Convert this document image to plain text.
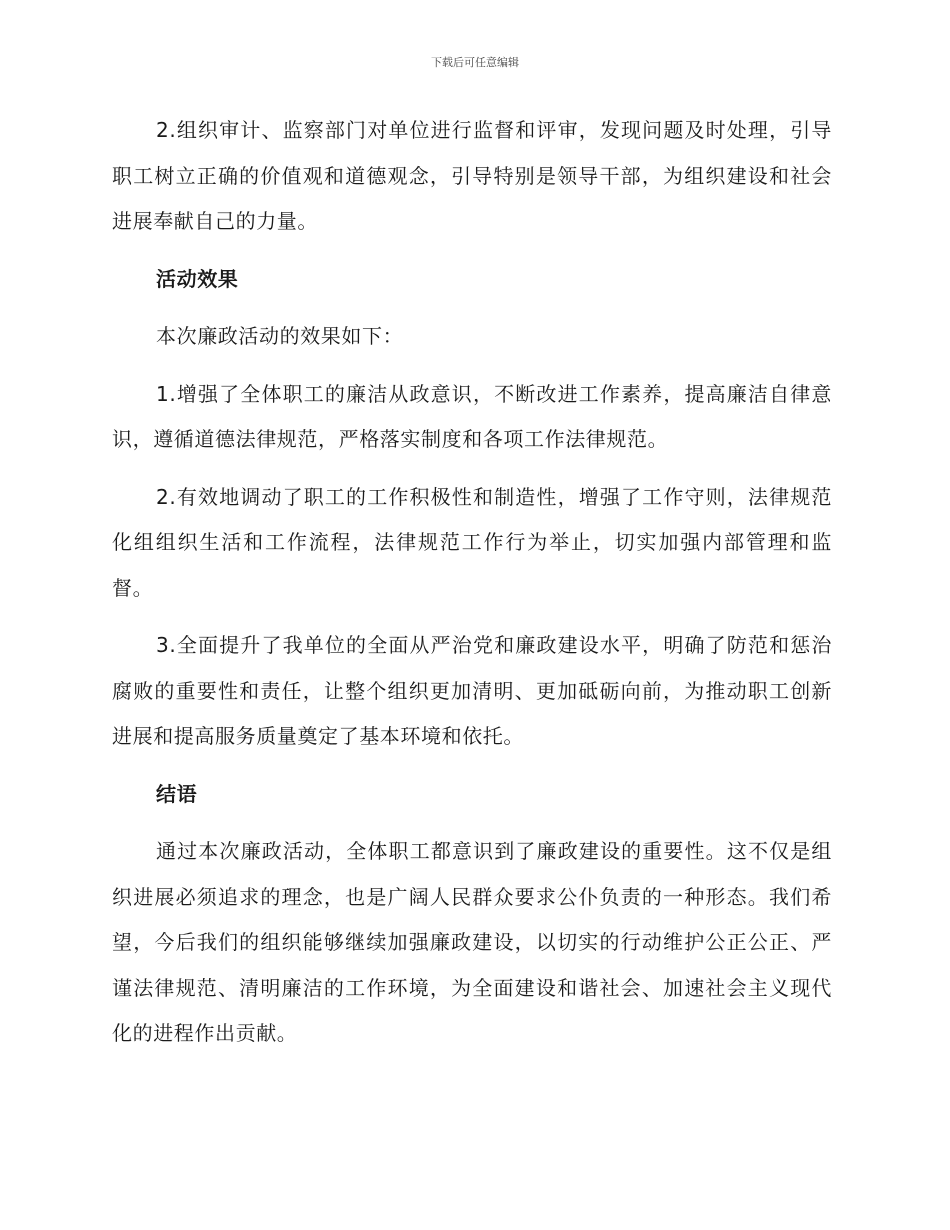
下载后可任意编辑

2.组织审计、监察部门对单位进行监督和评审，发现问题及时处理，引导职工树立正确的价值观和道德观念，引导特别是领导干部，为组织建设和社会进展奉献自己的力量。

活动效果

本次廉政活动的效果如下：

1.增强了全体职工的廉洁从政意识，不断改进工作素养，提高廉洁自律意识，遵循道德法律规范，严格落实制度和各项工作法律规范。

2.有效地调动了职工的工作积极性和制造性，增强了工作守则，法律规范化组组织生活和工作流程，法律规范工作行为举止，切实加强内部管理和监督。

3.全面提升了我单位的全面从严治党和廉政建设水平，明确了防范和惩治腐败的重要性和责任，让整个组织更加清明、更加砥砺向前，为推动职工创新进展和提高服务质量奠定了基本环境和依托。

结语

通过本次廉政活动，全体职工都意识到了廉政建设的重要性。这不仅是组织进展必须追求的理念，也是广阔人民群众要求公仆负责的一种形态。我们希望，今后我们的组织能够继续加强廉政建设，以切实的行动维护公正公正、严谨法律规范、清明廉洁的工作环境，为全面建设和谐社会、加速社会主义现代化的进程作出贡献。
